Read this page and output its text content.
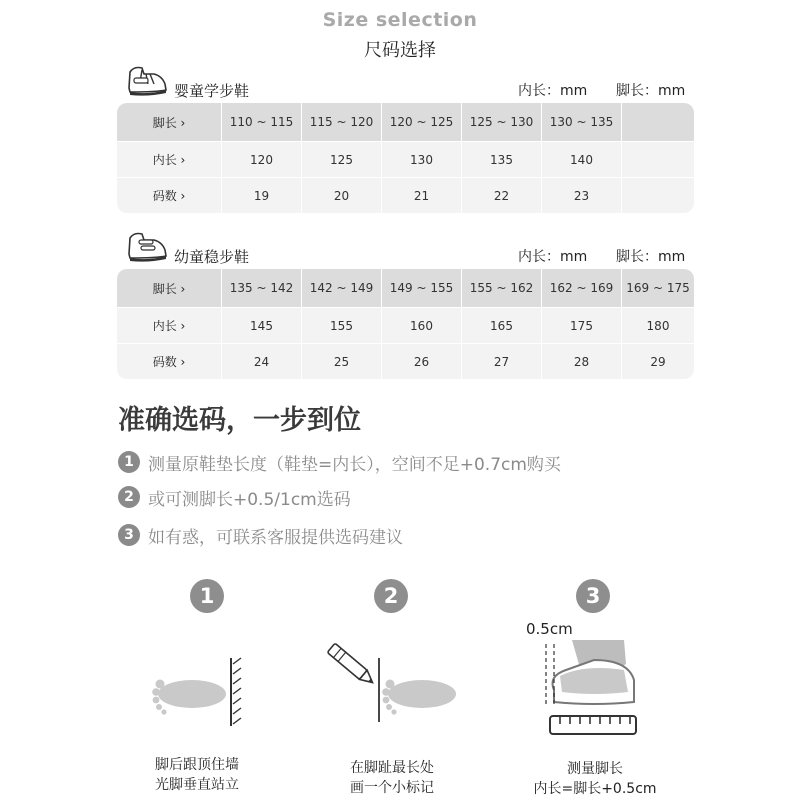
Size selection
尺码选择
婴童学步鞋	内长：mm 脚长：mm
脚长 ›	110 ~ 115	115 ~ 120	120 ~ 125	125 ~ 130	130 ~ 135
内长 ›	120	125	130	135	140
码数 ›	19	20	21	22	23
幼童稳步鞋	内长：mm 脚长：mm
脚长 ›	135 ~ 142	142 ~ 149	149 ~ 155	155 ~ 162	162 ~ 169	169 ~ 175
内长 ›	145	155	160	165	175	180
码数 ›	24	25	26	27	28	29
准确选码，一步到位
1 测量原鞋垫长度（鞋垫=内长），空间不足+0.7cm购买
2 或可测脚长+0.5/1cm选码
3 如有惑，可联系客服提供选码建议
1
脚后跟顶住墙
光脚垂直站立
2
在脚趾最长处
画一个小标记
3
0.5cm
测量脚长
内长=脚长+0.5cm
